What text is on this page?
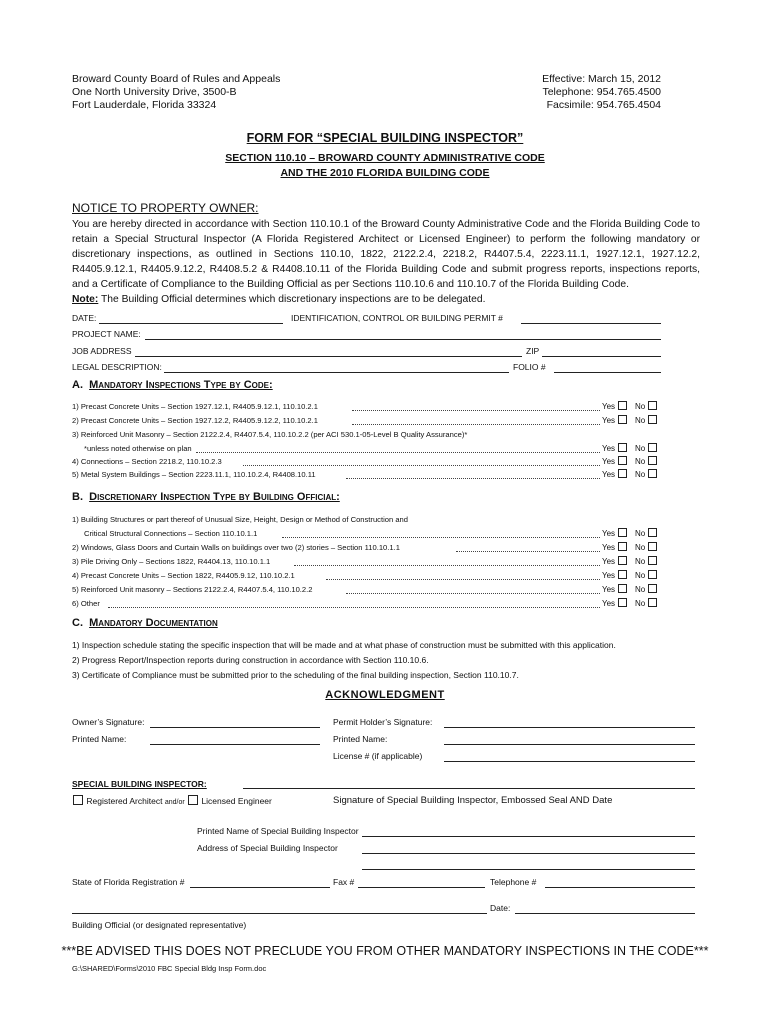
Broward County Board of Rules and Appeals
One North University Drive, 3500-B
Fort Lauderdale, Florida 33324
Effective: March 15, 2012
Telephone: 954.765.4500
Facsimile: 954.765.4504
FORM FOR “SPECIAL BUILDING INSPECTOR”
SECTION 110.10 – BROWARD COUNTY ADMINISTRATIVE CODE
AND THE 2010 FLORIDA BUILDING CODE
NOTICE TO PROPERTY OWNER:
You are hereby directed in accordance with Section 110.10.1 of the Broward County Administrative Code and the Florida Building Code to retain a Special Structural Inspector (A Florida Registered Architect or Licensed Engineer) to perform the following mandatory or discretionary inspections, as outlined in Sections 110.10, 1822, 2122.2.4, 2218.2, R4407.5.4, 2223.11.1, 1927.12.1, 1927.12.2, R4405.9.12.1, R4405.9.12.2, R4408.5.2 & R4408.10.11 of the Florida Building Code and submit progress reports, inspections reports, and a Certificate of Compliance to the Building Official as per Sections 110.10.6 and 110.10.7 of the Florida Building Code.
Note: The Building Official determines which discretionary inspections are to be delegated.
DATE:	IDENTIFICATION, CONTROL OR BUILDING PERMIT #
PROJECT NAME:
JOB ADDRESS	ZIP
LEGAL DESCRIPTION:	FOLIO #
A. Mandatory Inspections Type by Code:
1) Precast Concrete Units – Section 1927.12.1, R4405.9.12.1, 110.10.2.1	Yes No
2) Precast Concrete Units – Section 1927.12.2, R4405.9.12.2, 110.10.2.1	Yes No
3) Reinforced Unit Masonry – Section 2122.2.4, R4407.5.4, 110.10.2.2 (per ACI 530.1-05-Level B Quality Assurance)*
*unless noted otherwise on plan	Yes No
4) Connections – Section 2218.2, 110.10.2.3	Yes No
5) Metal System Buildings – Section 2223.11.1, 110.10.2.4, R4408.10.11	Yes No
B. Discretionary Inspection Type by Building Official:
1) Building Structures or part thereof of Unusual Size, Height, Design or Method of Construction and
Critical Structural Connections – Section 110.10.1.1	Yes No
2) Windows, Glass Doors and Curtain Walls on buildings over two (2) stories – Section 110.10.1.1	Yes No
3) Pile Driving Only – Sections 1822, R4404.13, 110.10.1.1	Yes No
4) Precast Concrete Units – Section 1822, R4405.9.12, 110.10.2.1	Yes No
5) Reinforced Unit masonry – Sections 2122.2.4, R4407.5.4, 110.10.2.2	Yes No
6) Other	Yes No
C. Mandatory Documentation
1) Inspection schedule stating the specific inspection that will be made and at what phase of construction must be submitted with this application.
2) Progress Report/Inspection reports during construction in accordance with Section 110.10.6.
3) Certificate of Compliance must be submitted prior to the scheduling of the final building inspection, Section 110.10.7.
ACKNOWLEDGMENT
Owner’s Signature:	Permit Holder’s Signature:
Printed Name:	Printed Name:
License # (if applicable)
SPECIAL BUILDING INSPECTOR:
Registered Architect and/or Licensed Engineer	Signature of Special Building Inspector, Embossed Seal AND Date
Printed Name of Special Building Inspector
Address of Special Building Inspector
State of Florida Registration #	Fax #	Telephone #
Date:
Building Official (or designated representative)
***BE ADVISED THIS DOES NOT PRECLUDE YOU FROM OTHER MANDATORY INSPECTIONS IN THE CODE***
G:\SHARED\Forms\2010 FBC Special Bldg Insp Form.doc
